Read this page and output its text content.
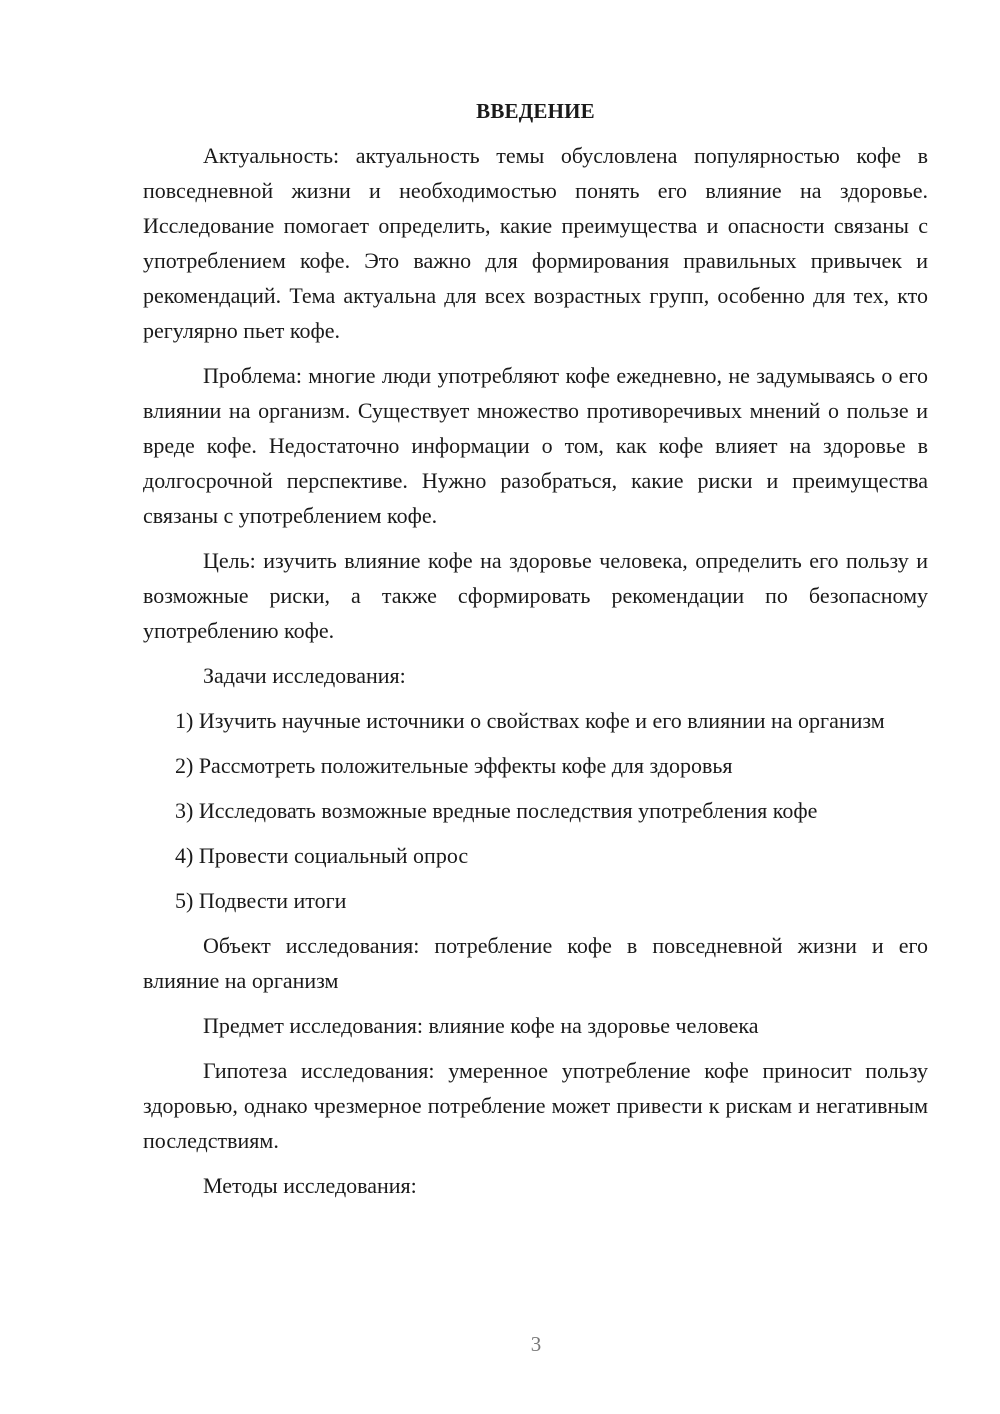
ВВЕДЕНИЕ

Актуальность: актуальность темы обусловлена популярностью кофе в повседневной жизни и необходимостью понять его влияние на здоровье. Исследование помогает определить, какие преимущества и опасности связаны с употреблением кофе. Это важно для формирования правильных привычек и рекомендаций. Тема актуальна для всех возрастных групп, особенно для тех, кто регулярно пьет кофе.

Проблема: многие люди употребляют кофе ежедневно, не задумываясь о его влиянии на организм. Существует множество противоречивых мнений о пользе и вреде кофе. Недостаточно информации о том, как кофе влияет на здоровье в долгосрочной перспективе. Нужно разобраться, какие риски и преимущества связаны с употреблением кофе.

Цель: изучить влияние кофе на здоровье человека, определить его пользу и возможные риски, а также сформировать рекомендации по безопасному употреблению кофе.

Задачи исследования:

1) Изучить научные источники о свойствах кофе и его влиянии на организм

2) Рассмотреть положительные эффекты кофе для здоровья

3) Исследовать возможные вредные последствия употребления кофе

4) Провести социальный опрос

5) Подвести итоги

Объект исследования: потребление кофе в повседневной жизни и его влияние на организм

Предмет исследования: влияние кофе на здоровье человека

Гипотеза исследования: умеренное употребление кофе приносит пользу здоровью, однако чрезмерное потребление может привести к рискам и негативным последствиям.

Методы исследования:

3
